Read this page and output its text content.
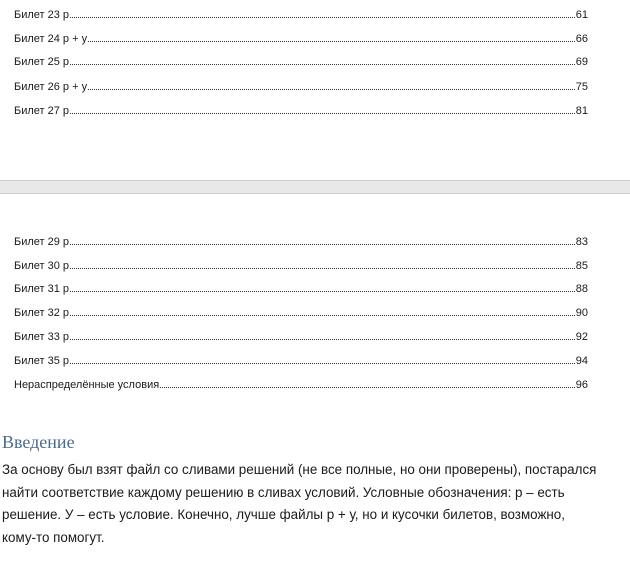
Билет 23 р	61
Билет 24 р + у	66
Билет 25 р	69
Билет 26 р + у	75
Билет 27 р	81
Билет 29 р	83
Билет 30 р	85
Билет 31 р	88
Билет 32 р	90
Билет 33 р	92
Билет 35 р	94
Нераспределённые условия	96
Введение

За основу был взят файл со сливами решений (не все полные, но они проверены), постарался найти соответствие каждому решению в сливах условий. Условные обозначения: р – есть решение. У – есть условие. Конечно, лучше файлы р + у, но и кусочки билетов, возможно, кому-то помогут.
